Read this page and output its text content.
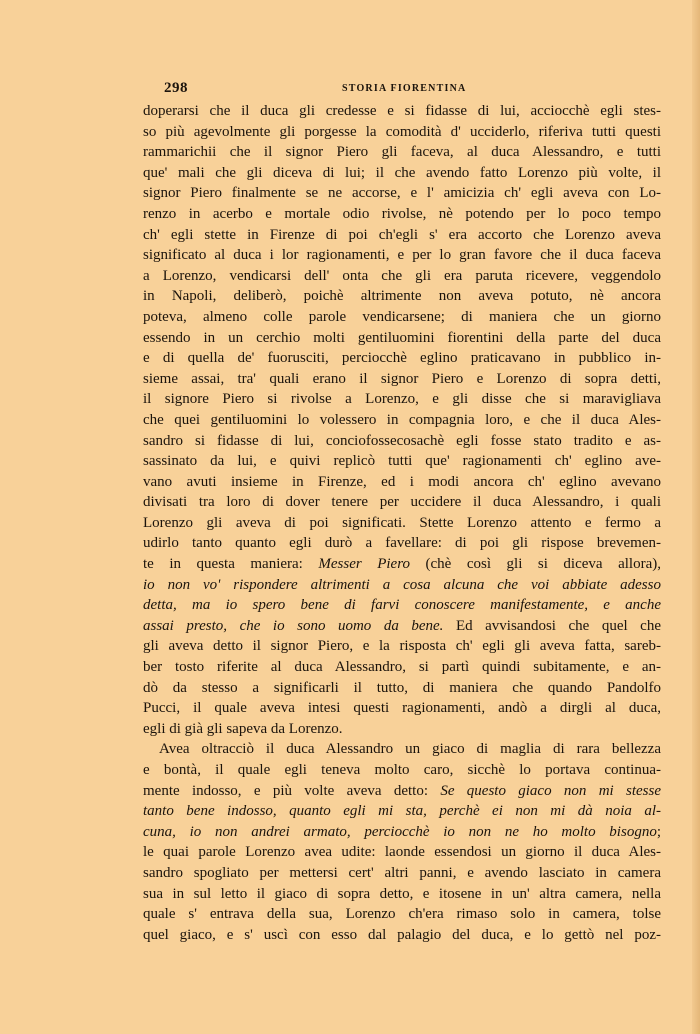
298	STORIA FIORENTINA
doperarsi che il duca gli credesse e si fidasse di lui, acciocchè egli stes-
so più agevolmente gli porgesse la comodità d' ucciderlo, riferiva tutti questi
rammarichii che il signor Piero gli faceva, al duca Alessandro, e tutti
que' mali che gli diceva di lui; il che avendo fatto Lorenzo più volte, il
signor Piero finalmente se ne accorse, e l' amicizia ch' egli aveva con Lo-
renzo in acerbo e mortale odio rivolse, nè potendo per lo poco tempo
ch' egli stette in Firenze di poi ch'egli s' era accorto che Lorenzo aveva
significato al duca i lor ragionamenti, e per lo gran favore che il duca faceva
a Lorenzo, vendicarsi dell' onta che gli era paruta ricevere, veggendolo
in Napoli, deliberò, poichè altrimente non aveva potuto, nè ancora
poteva, almeno colle parole vendicarsene; di maniera che un giorno
essendo in un cerchio molti gentiluomini fiorentini della parte del duca
e di quella de' fuorusciti, perciocchè eglino praticavano in pubblico in-
sieme assai, tra' quali erano il signor Piero e Lorenzo di sopra detti,
il signore Piero si rivolse a Lorenzo, e gli disse che si maravigliava
che quei gentiluomini lo volessero in compagnia loro, e che il duca Ales-
sandro si fidasse di lui, conciofossecosachè egli fosse stato tradito e as-
sassinato da lui, e quivi replicò tutti que' ragionamenti ch' eglino ave-
vano avuti insieme in Firenze, ed i modi ancora ch' eglino avevano
divisati tra loro di dover tenere per uccidere il duca Alessandro, i quali
Lorenzo gli aveva di poi significati. Stette Lorenzo attento e fermo a
udirlo tanto quanto egli durò a favellare: di poi gli rispose brevemen-
te in questa maniera: Messer Piero (chè così gli si diceva allora),
io non vo' rispondere altrimenti a cosa alcuna che voi abbiate adesso
detta, ma io spero bene di farvi conoscere manifestamente, e anche
assai presto, che io sono uomo da bene. Ed avvisandosi che quel che
gli aveva detto il signor Piero, e la risposta ch' egli gli aveva fatta, sareb-
ber tosto riferite al duca Alessandro, si partì quindi subitamente, e an-
dò da stesso a significarli il tutto, di maniera che quando Pandolfo
Pucci, il quale aveva intesi questi ragionamenti, andò a dirgli al duca,
egli di già gli sapeva da Lorenzo.
Avea oltracciò il duca Alessandro un giaco di maglia di rara bellezza
e bontà, il quale egli teneva molto caro, sicchè lo portava continua-
mente indosso, e più volte aveva detto: Se questo giaco non mi stesse
tanto bene indosso, quanto egli mi sta, perchè ei non mi dà noia al-
cuna, io non andrei armato, perciocchè io non ne ho molto bisogno;
le quai parole Lorenzo avea udite: laonde essendosi un giorno il duca Ales-
sandro spogliato per mettersi cert' altri panni, e avendo lasciato in camera
sua in sul letto il giaco di sopra detto, e itosene in un' altra camera, nella
quale s' entrava della sua, Lorenzo ch'era rimaso solo in camera, tolse
quel giaco, e s' uscì con esso dal palagio del duca, e lo gettò nel poz-
